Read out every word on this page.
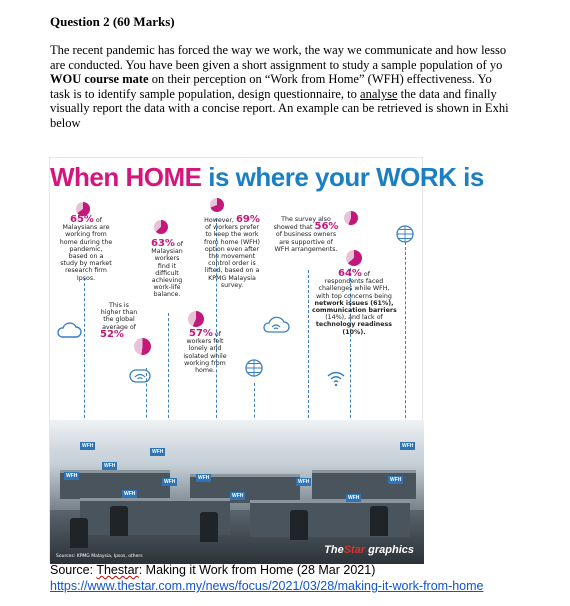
Question 2 (60 Marks)
The recent pandemic has forced the way we work, the way we communicate and how lesso
are conducted. You have been given a short assignment to study a sample population of yo
WOU course mate on their perception on “Work from Home” (WFH) effectiveness. Yo
task is to identify sample population, design questionnaire, to analyse the data and finally
visually report the data with a concise report. An example can be retrieved is shown in Exhi
below
When HOME is where your WORK is
65% of
Malaysians are
working from
home during the
pandemic,
based on a
study by market
research firm
Ipsos.
This is
higher than
the global
average of
52%
63% of
Malaysian
workers
find it
difficult
achieving
work-life
balance.
However, 69%
of workers prefer
to keep the work
from home (WFH)
option even after
the movement
control order is
lifted, based on a
KPMG Malaysia
survey.
57% of
workers felt
lonely and
isolated while
working from
home.
The survey also
showed that 56%
of business owners
are supportive of
WFH arrangements.
64% of
respondents faced
challenges while WFH,
with top concerns being
network issues (61%),
communication barriers
(14%), and lack of
technology readiness
(10%).
WFH
WFH
WFH
WFH
WFH
WFH
WFH
WFH
WFH
WFH
WFH
WFH
Sources: KPMG Malaysia, Ipsos, others
TheStar graphics
Source: Thestar: Making it Work from Home (28 Mar 2021)
https://www.thestar.com.my/news/focus/2021/03/28/making-it-work-from-home
